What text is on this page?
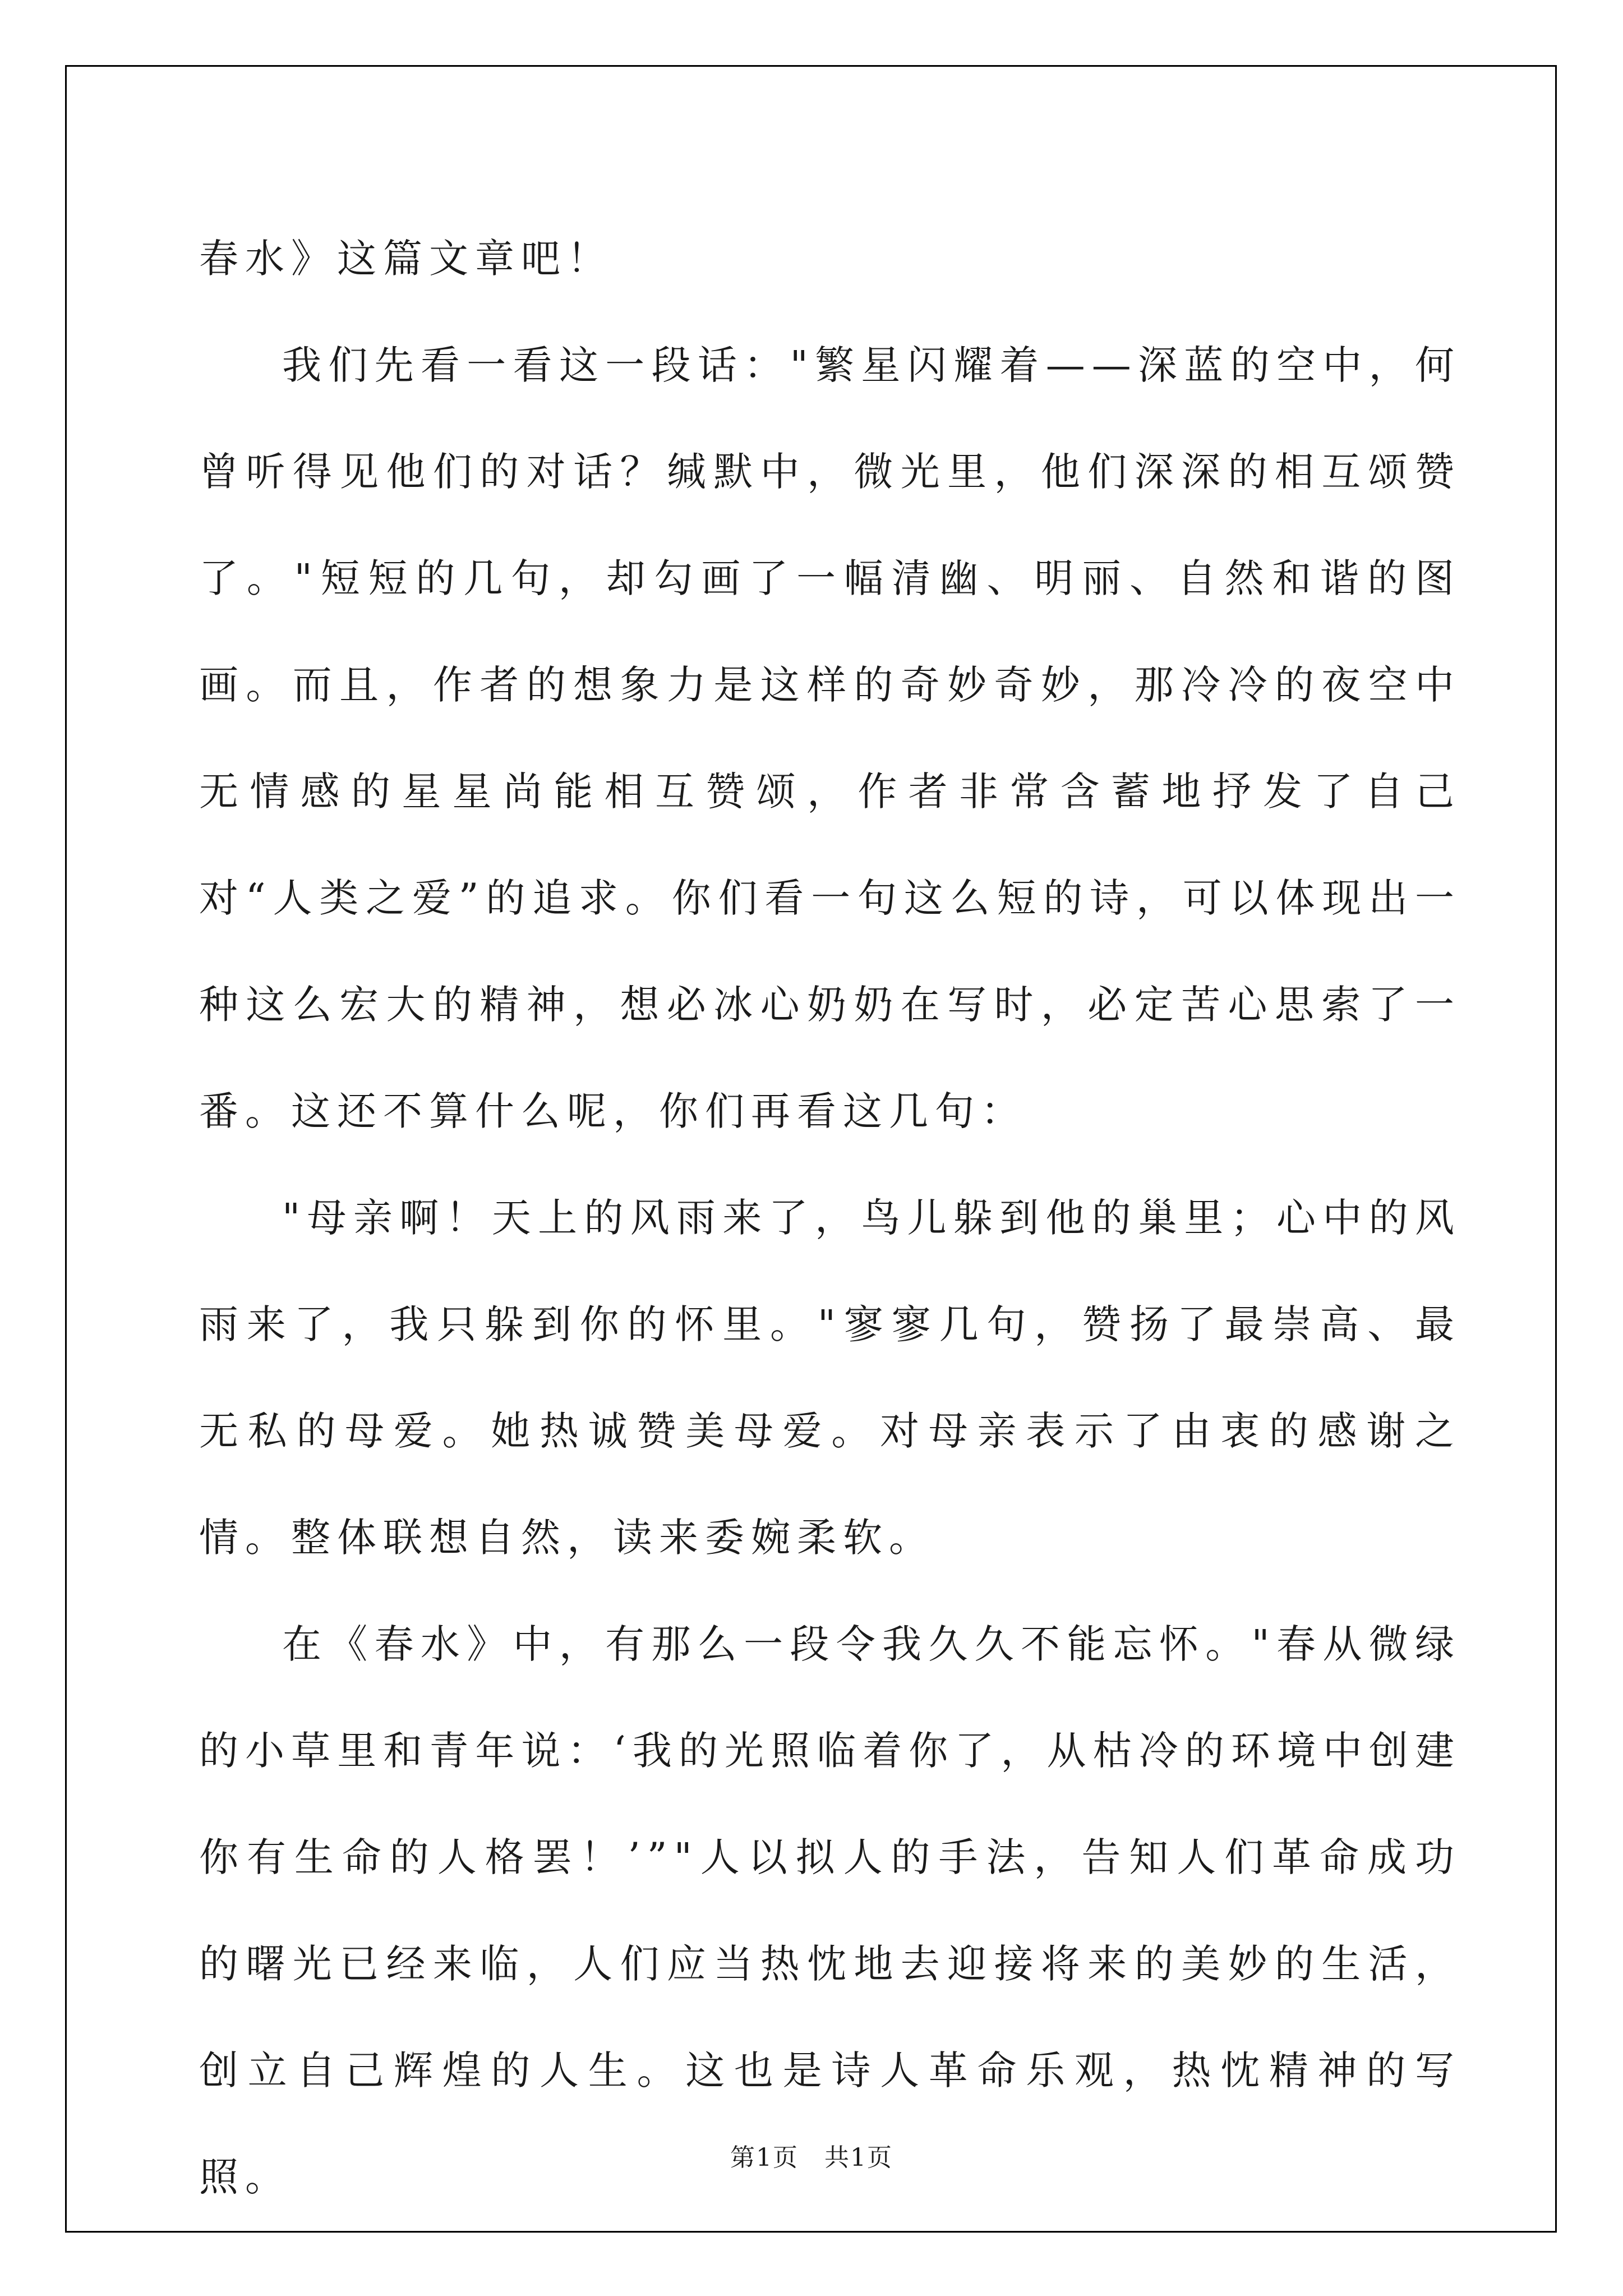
春水》这篇文章吧！

我们先看一看这一段话："繁星闪耀着——深蓝的空中，何曾听得见他们的对话？缄默中，微光里，他们深深的相互颂赞了。"短短的几句，却勾画了一幅清幽、明丽、自然和谐的图画。而且，作者的想象力是这样的奇妙奇妙，那冷冷的夜空中无情感的星星尚能相互赞颂，作者非常含蓄地抒发了自己对“人类之爱”的追求。你们看一句这么短的诗，可以体现出一种这么宏大的精神，想必冰心奶奶在写时，必定苦心思索了一番。这还不算什么呢，你们再看这几句：

"母亲啊！天上的风雨来了，鸟儿躲到他的巢里；心中的风雨来了，我只躲到你的怀里。"寥寥几句，赞扬了最崇高、最无私的母爱。她热诚赞美母爱。对母亲表示了由衷的感谢之情。整体联想自然，读来委婉柔软。

在《春水》中，有那么一段令我久久不能忘怀。"春从微绿的小草里和青年说：‘我的光照临着你了，从枯冷的环境中创建你有生命的人格罢！’”"人以拟人的手法，告知人们革命成功的曙光已经来临，人们应当热忱地去迎接将来的美妙的生活，创立自己辉煌的人生。这也是诗人革命乐观，热忱精神的写照。	第1页　共1页
